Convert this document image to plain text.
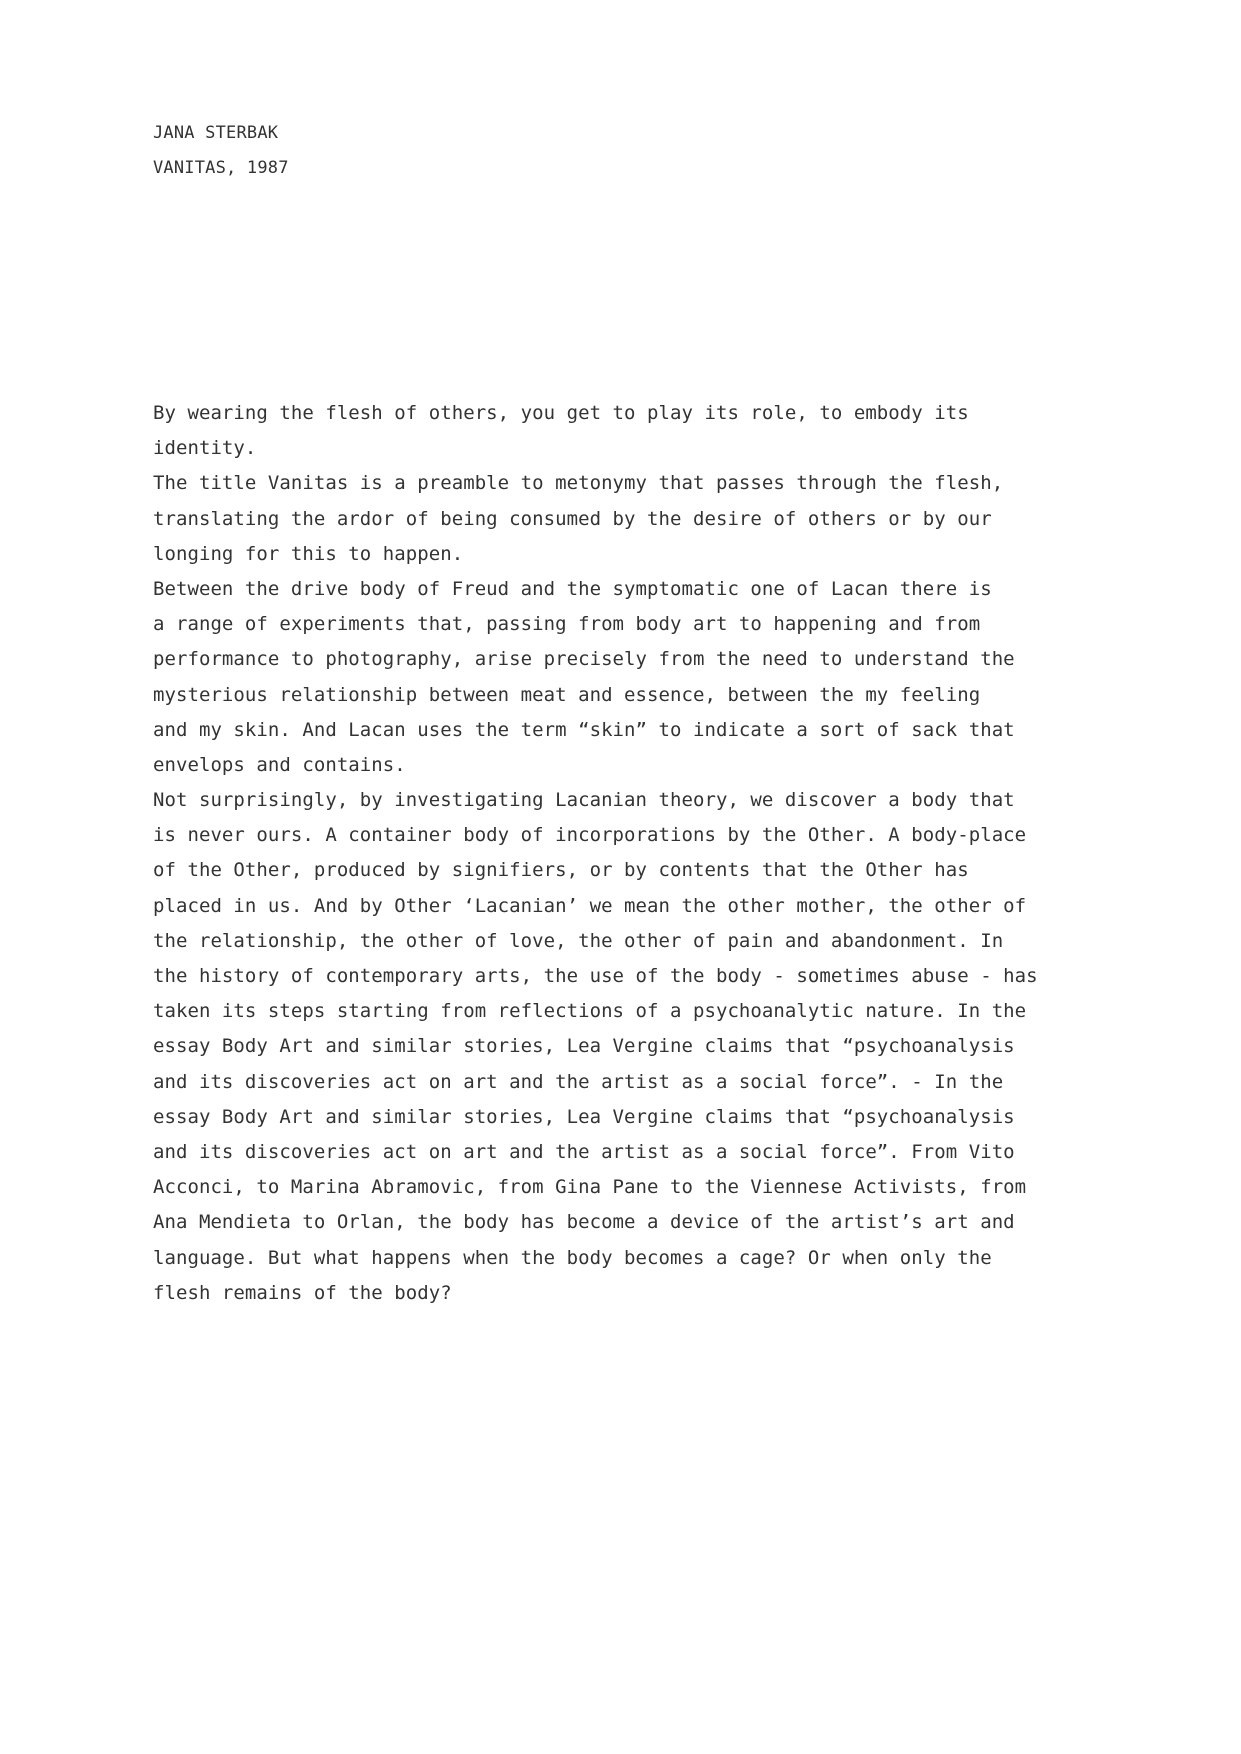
JANA STERBAK
VANITAS, 1987
By wearing the flesh of others, you get to play its role, to embody its
identity.
The title Vanitas is a preamble to metonymy that passes through the flesh,
translating the ardor of being consumed by the desire of others or by our
longing for this to happen.
Between the drive body of Freud and the symptomatic one of Lacan there is
a range of experiments that, passing from body art to happening and from
performance to photography, arise precisely from the need to understand the
mysterious relationship between meat and essence, between the my feeling
and my skin. And Lacan uses the term “skin” to indicate a sort of sack that
envelops and contains.
Not surprisingly, by investigating Lacanian theory, we discover a body that
is never ours. A container body of incorporations by the Other. A body-place
of the Other, produced by signifiers, or by contents that the Other has
placed in us. And by Other ‘Lacanian’ we mean the other mother, the other of
the relationship, the other of love, the other of pain and abandonment. In
the history of contemporary arts, the use of the body - sometimes abuse - has
taken its steps starting from reflections of a psychoanalytic nature. In the
essay Body Art and similar stories, Lea Vergine claims that “psychoanalysis
and its discoveries act on art and the artist as a social force”. - In the
essay Body Art and similar stories, Lea Vergine claims that “psychoanalysis
and its discoveries act on art and the artist as a social force”. From Vito
Acconci, to Marina Abramovic, from Gina Pane to the Viennese Activists, from
Ana Mendieta to Orlan, the body has become a device of the artist’s art and
language. But what happens when the body becomes a cage? Or when only the
flesh remains of the body?
